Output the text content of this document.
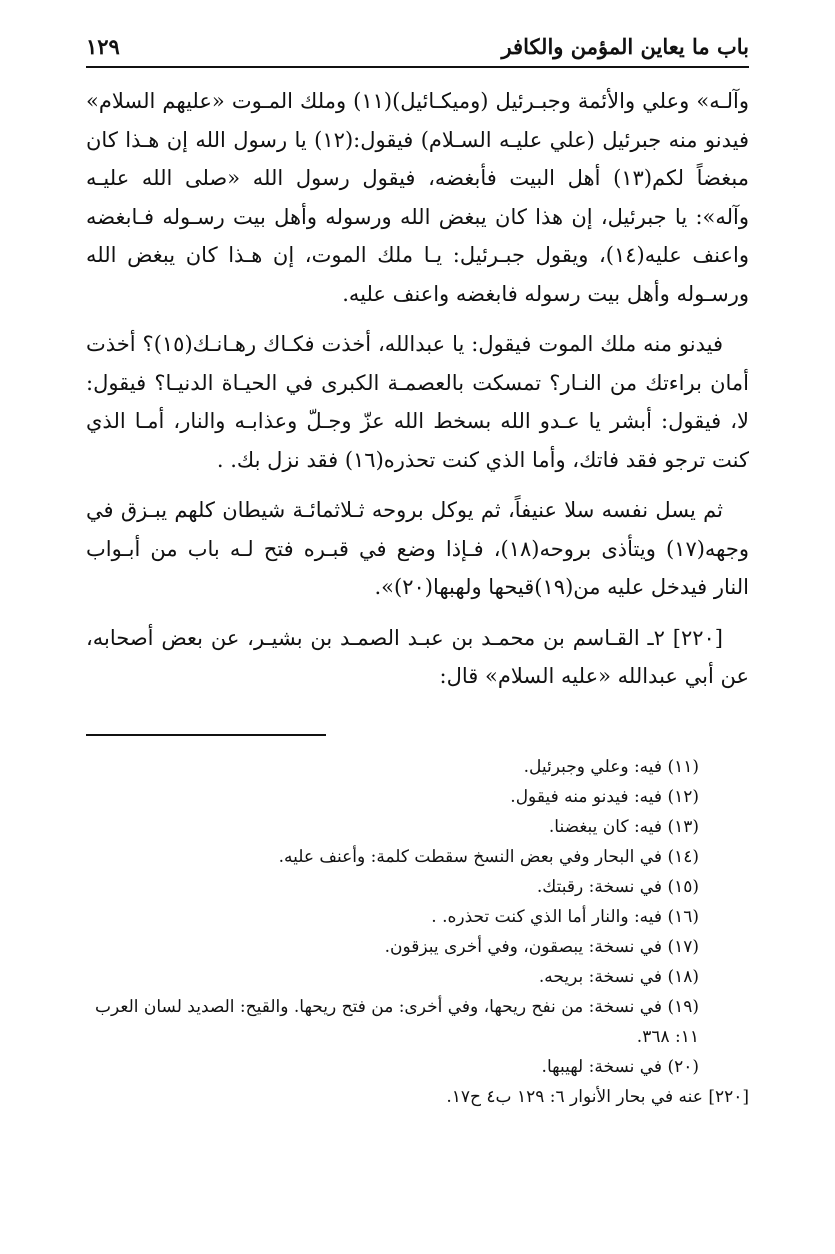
باب ما يعاين المؤمن والكافر
١٢٩

وآلـه» وعلي والأئمة وجبـرئيل (وميكـائيل)(١١) وملك المـوت «عليهم السلام» فيدنو منه جبرئيل (علي عليـه السـلام) فيقول:(١٢) يا رسول الله إن هـذا كان مبغضاً لكم(١٣) أهل البيت فأبغضه، فيقول رسول الله «صلى الله عليـه وآله»: يا جبرئيل، إن هذا كان يبغض الله ورسوله وأهل بيت رسـوله فـابغضه واعنف عليه(١٤)، ويقول جبـرئيل: يـا ملك الموت، إن هـذا كان يبغض الله ورسـوله وأهل بيت رسوله فابغضه واعنف عليه.

فيدنو منه ملك الموت فيقول: يا عبدالله، أخذت فكـاك رهـانـك(١٥)؟ أخذت أمان براءتك من النـار؟ تمسكت بالعصمـة الكبرى في الحيـاة الدنيـا؟ فيقول: لا، فيقول: أبشر يا عـدو الله بسخط الله عزّ وجـلّ وعذابـه والنار، أمـا الذي كنت ترجو فقد فاتك، وأما الذي كنت تحذره(١٦) فقد نزل بك. .

ثم يسل نفسه سلا عنيفاً، ثم يوكل بروحه ثـلاثمائـة شيطان كلهم يبـزق في وجهه(١٧) ويتأذى بروحه(١٨)، فـإذا وضع في قبـره فتح لـه باب من أبـواب النار فيدخل عليه من(١٩)قيحها ولهبها(٢٠)».

[٢٢٠] ٢ـ القـاسم بن محمـد بن عبـد الصمـد بن بشيـر، عن بعض أصحابه، عن أبي عبدالله «عليه السلام» قال:

(١١) فيه: وعلي وجبرئيل.

(١٢) فيه: فيدنو منه فيقول.

(١٣) فيه: كان يبغضنا.

(١٤) في البحار وفي بعض النسخ سقطت كلمة: وأعنف عليه.

(١٥) في نسخة: رقبتك.

(١٦) فيه: والنار أما الذي كنت تحذره. .

(١٧) في نسخة: يبصقون، وفي أخرى يبزقون.

(١٨) في نسخة: بريحه.

(١٩) في نسخة: من نفح ريحها، وفي أخرى: من فتح ريحها. والقيح: الصديد لسان العرب ١١: ٣٦٨.

(٢٠) في نسخة: لهيبها.

[٢٢٠] عنه في بحار الأنوار ٦: ١٢٩ ب٤ ح١٧.
